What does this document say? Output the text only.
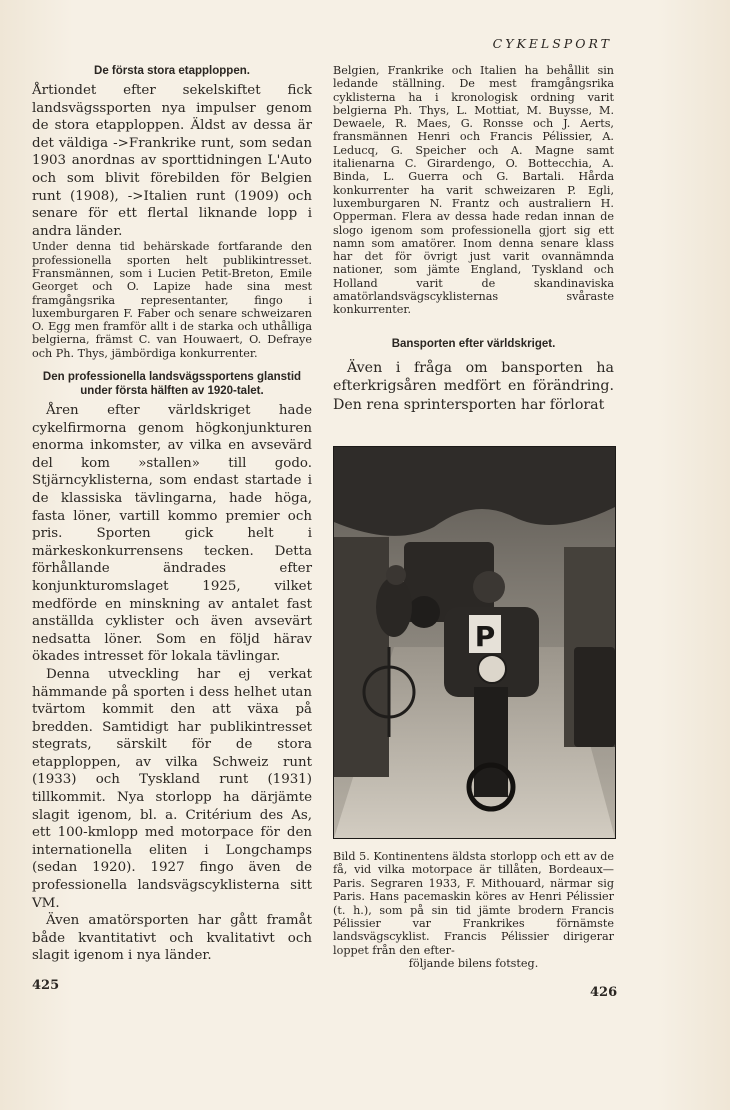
CYKELSPORT

De första stora etapploppen.

Årtiondet efter sekelskiftet fick landsvägssporten nya impulser genom de stora etapploppen. Äldst av dessa är det väldiga ->Frankrike runt, som sedan 1903 anordnas av sporttidningen L'Auto och som blivit förebilden för Belgien runt (1908), ->Italien runt (1909) och senare för ett flertal liknande lopp i andra länder.

Under denna tid behärskade fortfarande den professionella sporten helt publikintresset. Fransmännen, som i Lucien Petit-Breton, Emile Georget och O. Lapize hade sina mest framgångsrika representanter, fingo i luxemburgaren F. Faber och senare schweizaren O. Egg men framför allt i de starka och uthålliga belgierna, främst C. van Houwaert, O. Defraye och Ph. Thys, jämbördiga konkurrenter.

Den professionella landsvägssportens glanstid under första hälften av 1920-talet.

Åren efter världskriget hade cykelfirmorna genom högkonjunkturen enorma inkomster, av vilka en avsevärd del kom »stallen» till godo. Stjärncyklisterna, som endast startade i de klassiska tävlingarna, hade höga, fasta löner, vartill kommo premier och pris. Sporten gick helt i märkeskonkurrensens tecken. Detta förhållande ändrades efter konjunkturomslaget 1925, vilket medförde en minskning av antalet fast anställda cyklister och även avsevärt nedsatta löner. Som en följd härav ökades intresset för lokala tävlingar.

Denna utveckling har ej verkat hämmande på sporten i dess helhet utan tvärtom kommit den att växa på bredden. Samtidigt har publikintresset stegrats, särskilt för de stora etapploppen, av vilka Schweiz runt (1933) och Tyskland runt (1931) tillkommit. Nya storlopp ha därjämte slagit igenom, bl. a. Critérium des As, ett 100-kmlopp med motorpace för den internationella eliten i Longchamps (sedan 1920). 1927 fingo även de professionella landsvägscyklisterna sitt VM.

Även amatörsporten har gått framåt både kvantitativt och kvalitativt och slagit igenom i nya länder.

425

Belgien, Frankrike och Italien ha behållit sin ledande ställning. De mest framgångsrika cyklisterna ha i kronologisk ordning varit belgierna Ph. Thys, L. Mottiat, M. Buysse, M. Dewaele, R. Maes, G. Ronsse och J. Aerts, fransmännen Henri och Francis Pélissier, A. Leducq, G. Speicher och A. Magne samt italienarna C. Girardengo, O. Bottecchia, A. Binda, L. Guerra och G. Bartali. Hårda konkurrenter ha varit schweizaren P. Egli, luxemburgaren N. Frantz och australiern H. Opperman. Flera av dessa hade redan innan de slogo igenom som professionella gjort sig ett namn som amatörer. Inom denna senare klass har det för övrigt just varit ovannämnda nationer, som jämte England, Tyskland och Holland varit de skandinaviska amatörlandsvägscyklisternas svåraste konkurrenter.

Bansporten efter världskriget.

Även i fråga om bansporten ha efterkrigsåren medfört en förändring. Den rena sprintersporten har förlorat

P
Bild 5. Kontinentens äldsta storlopp och ett av de få, vid vilka motorpace är tillåten, Bordeaux—Paris. Segraren 1933, F. Mithouard, närmar sig Paris. Hans pacemaskin köres av Henri Pélissier (t. h.), som på sin tid jämte brodern Francis Pélissier var Frankrikes förnämste landsvägscyklist. Francis Pélissier dirigerar loppet från den efter-
följande bilens fotsteg.
426
